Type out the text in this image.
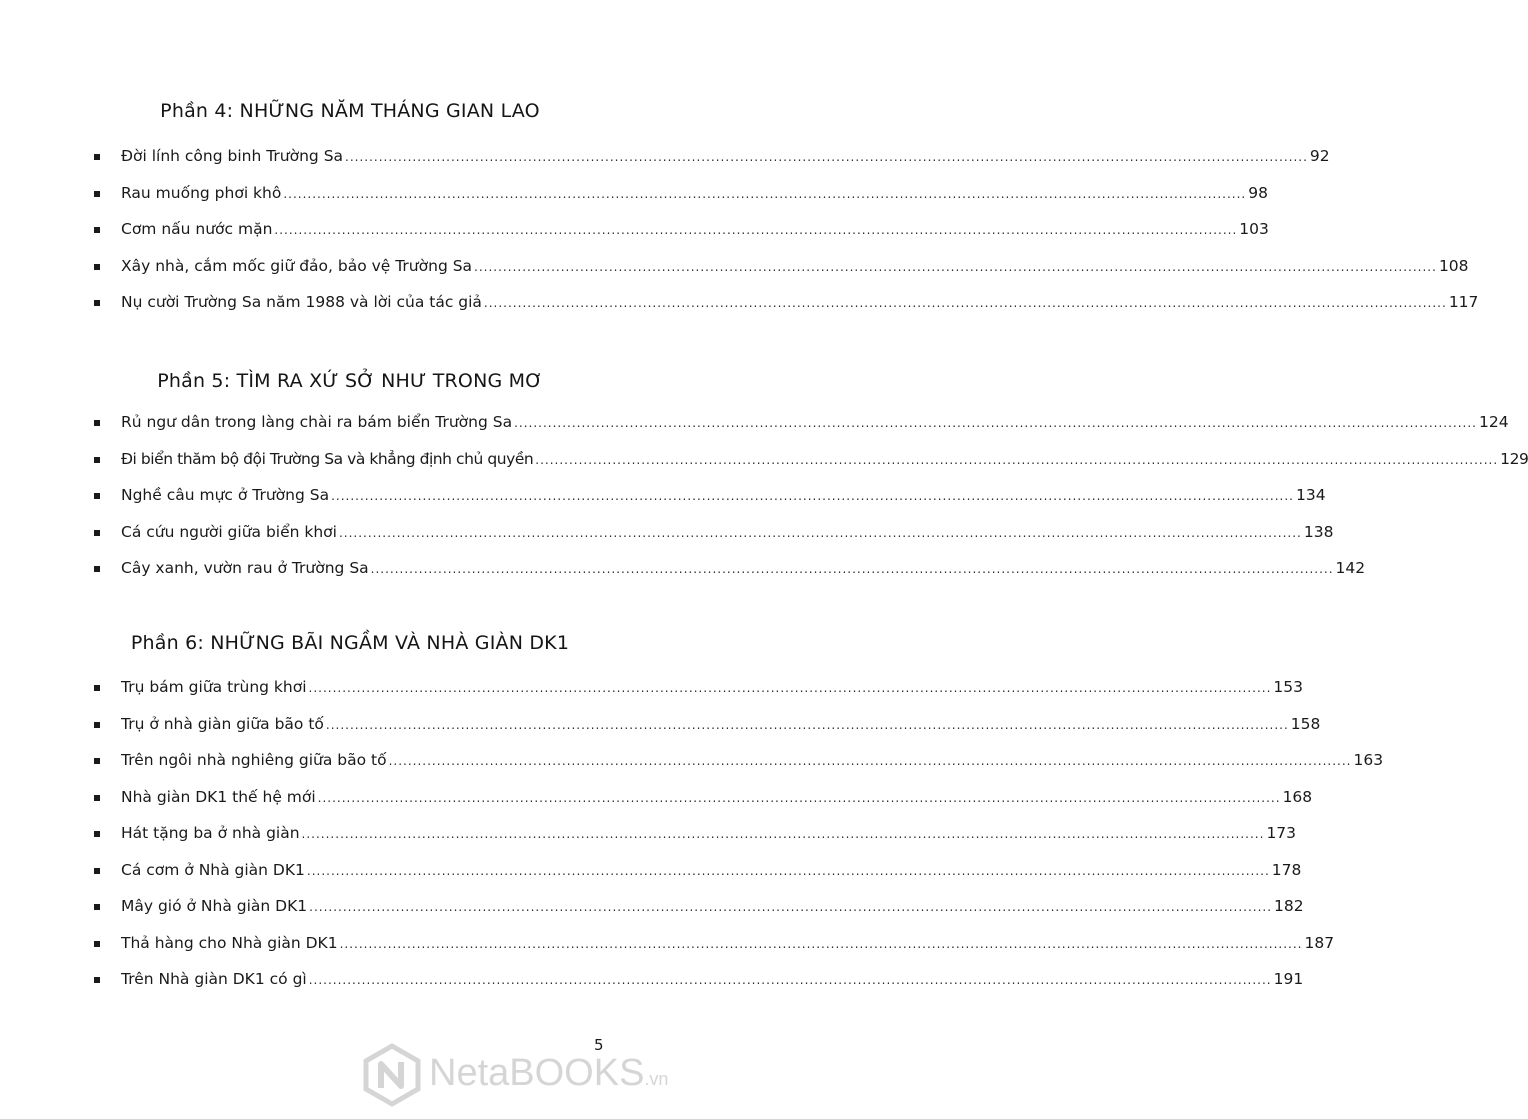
Phần 4: NHỮNG NĂM THÁNG GIAN LAO
Đời lính công binh Trường Sa ........................................................................................................................................................................................................ 92
Rau muống phơi khô ........................................................................................................................................................................................................ 98
Cơm nấu nước mặn ........................................................................................................................................................................................................ 103
Xây nhà, cắm mốc giữ đảo, bảo vệ Trường Sa ........................................................................................................................................................................................................ 108
Nụ cười Trường Sa năm 1988 và lời của tác giả ........................................................................................................................................................................................................ 117
Phần 5: TÌM RA XỨ SỞ NHƯ TRONG MƠ
Rủ ngư dân trong làng chài ra bám biển Trường Sa ........................................................................................................................................................................................................ 124
Đi biển thăm bộ đội Trường Sa và khẳng định chủ quyền ........................................................................................................................................................................................................ 129
Nghề câu mực ở Trường Sa ........................................................................................................................................................................................................ 134
Cá cứu người giữa biển khơi ........................................................................................................................................................................................................ 138
Cây xanh, vườn rau ở Trường Sa ........................................................................................................................................................................................................ 142
Phần 6: NHỮNG BÃI NGẦM VÀ NHÀ GIÀN DK1
Trụ bám giữa trùng khơi ........................................................................................................................................................................................................ 153
Trụ ở nhà giàn giữa bão tố ........................................................................................................................................................................................................ 158
Trên ngôi nhà nghiêng giữa bão tố ........................................................................................................................................................................................................ 163
Nhà giàn DK1 thế hệ mới ........................................................................................................................................................................................................ 168
Hát tặng ba ở nhà giàn ........................................................................................................................................................................................................ 173
Cá cơm ở Nhà giàn DK1 ........................................................................................................................................................................................................ 178
Mây gió ở Nhà giàn DK1 ........................................................................................................................................................................................................ 182
Thả hàng cho Nhà giàn DK1 ........................................................................................................................................................................................................ 187
Trên Nhà giàn DK1 có gì ........................................................................................................................................................................................................ 191
5
NetaBOOKS.vn
